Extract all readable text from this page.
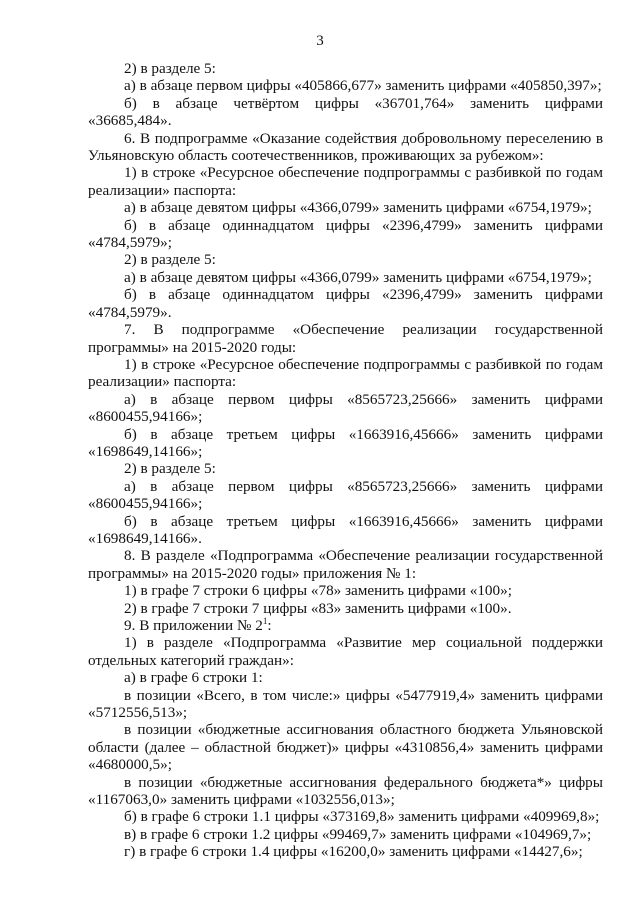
3

2) в разделе 5:

а) в абзаце первом цифры «405866,677» заменить цифрами «405850,397»;

б) в абзаце четвёртом цифры «36701,764» заменить цифрами «36685,484».

6. В подпрограмме «Оказание содействия добровольному переселению в Ульяновскую область соотечественников, проживающих за рубежом»:

1) в строке «Ресурсное обеспечение подпрограммы с разбивкой по годам реализации» паспорта:

а) в абзаце девятом цифры «4366,0799» заменить цифрами «6754,1979»;

б) в абзаце одиннадцатом цифры «2396,4799» заменить цифрами «4784,5979»;

2) в разделе 5:

а) в абзаце девятом цифры «4366,0799» заменить цифрами «6754,1979»;

б) в абзаце одиннадцатом цифры «2396,4799» заменить цифрами «4784,5979».

7. В подпрограмме «Обеспечение реализации государственной программы» на 2015-2020 годы:

1) в строке «Ресурсное обеспечение подпрограммы с разбивкой по годам реализации» паспорта:

а) в абзаце первом цифры «8565723,25666» заменить цифрами «8600455,94166»;

б) в абзаце третьем цифры «1663916,45666» заменить цифрами «1698649,14166»;

2) в разделе 5:

а) в абзаце первом цифры «8565723,25666» заменить цифрами «8600455,94166»;

б) в абзаце третьем цифры «1663916,45666» заменить цифрами «1698649,14166».

8. В разделе «Подпрограмма «Обеспечение реализации государственной программы» на 2015-2020 годы» приложения № 1:

1) в графе 7 строки 6 цифры «78» заменить цифрами «100»;

2) в графе 7 строки 7 цифры «83» заменить цифрами «100».

9. В приложении № $2^1$:

1) в разделе «Подпрограмма «Развитие мер социальной поддержки отдельных категорий граждан»:

а) в графе 6 строки 1:

в позиции «Всего, в том числе:» цифры «5477919,4» заменить цифрами «5712556,513»;

в позиции «бюджетные ассигнования областного бюджета Ульяновской области (далее – областной бюджет)» цифры «4310856,4» заменить цифрами «4680000,5»;

в позиции «бюджетные ассигнования федерального бюджета*» цифры «1167063,0» заменить цифрами «1032556,013»;

б) в графе 6 строки 1.1 цифры «373169,8» заменить цифрами «409969,8»;

в) в графе 6 строки 1.2 цифры «99469,7» заменить цифрами «104969,7»;

г) в графе 6 строки 1.4 цифры «16200,0» заменить цифрами «14427,6»;
